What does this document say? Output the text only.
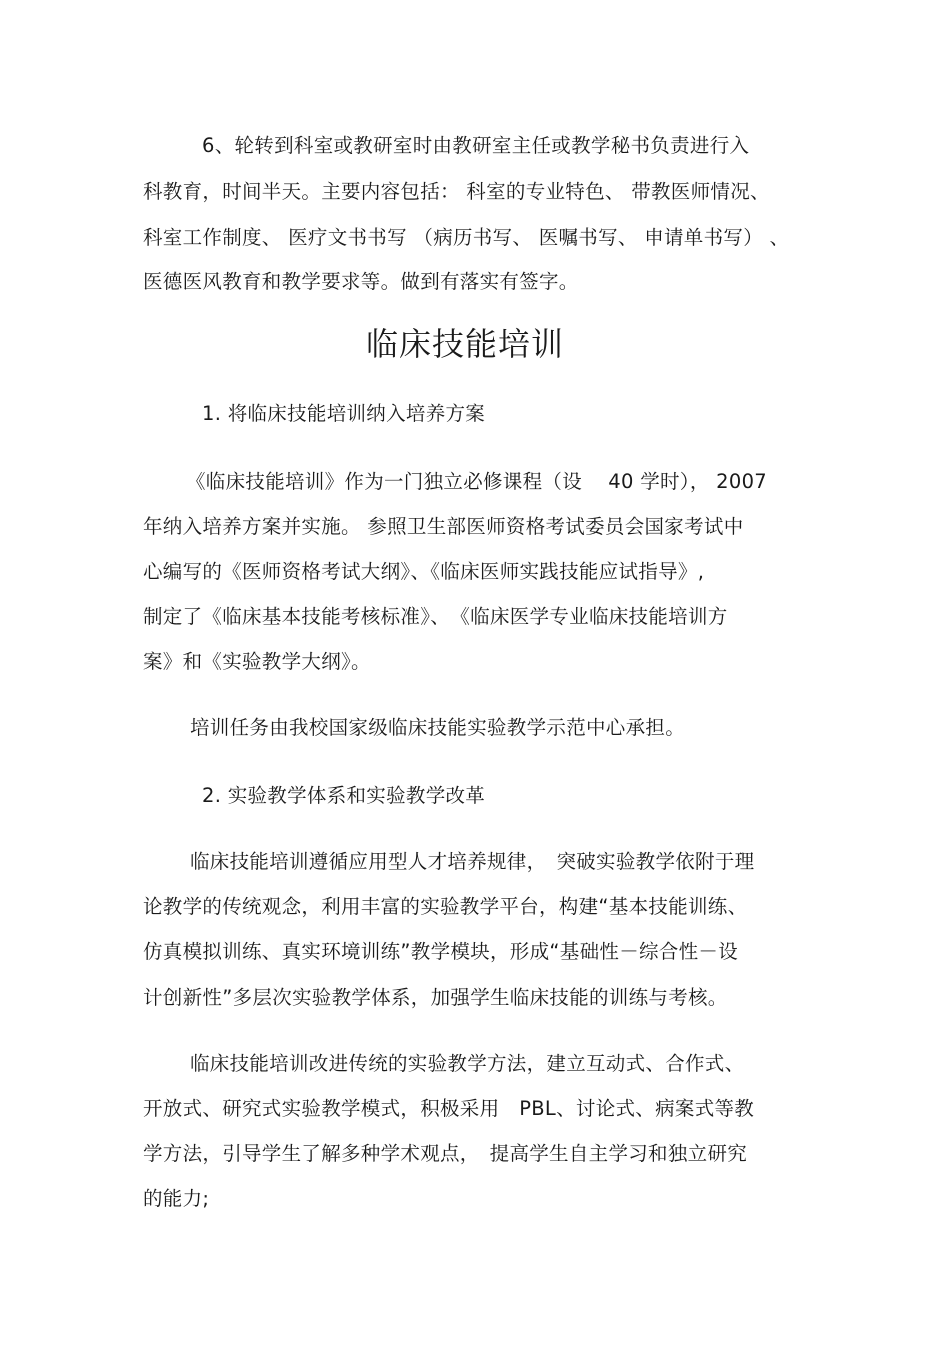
6、轮转到科室或教研室时由教研室主任或教学秘书负责进行入
科教育，时间半天。主要内容包括： 科室的专业特色、 带教医师情况、
科室工作制度、 医疗文书书写 （病历书写、 医嘱书写、 申请单书写） 、
医德医风教育和教学要求等。做到有落实有签字。
临床技能培训
1. 将临床技能培训纳入培养方案
《临床技能培训》作为一门独立必修课程（设　 40 学时）， 2007
年纳入培养方案并实施。 参照卫生部医师资格考试委员会国家考试中
心编写的《医师资格考试大纲》、《临床医师实践技能应试指导》,
制定了《临床基本技能考核标准》、　《临床医学专业临床技能培训方
案》和《实验教学大纲》。
培训任务由我校国家级临床技能实验教学示范中心承担。
2. 实验教学体系和实验教学改革
临床技能培训遵循应用型人才培养规律，　突破实验教学依附于理
论教学的传统观念，利用丰富的实验教学平台，构建“基本技能训练、
仿真模拟训练、真实环境训练”教学模块，形成“基础性－综合性－设
计创新性”多层次实验教学体系，加强学生临床技能的训练与考核。
临床技能培训改进传统的实验教学方法，建立互动式、合作式、
开放式、研究式实验教学模式，积极采用　PBL、讨论式、病案式等教
学方法，引导学生了解多种学术观点，　提高学生自主学习和独立研究
的能力;
